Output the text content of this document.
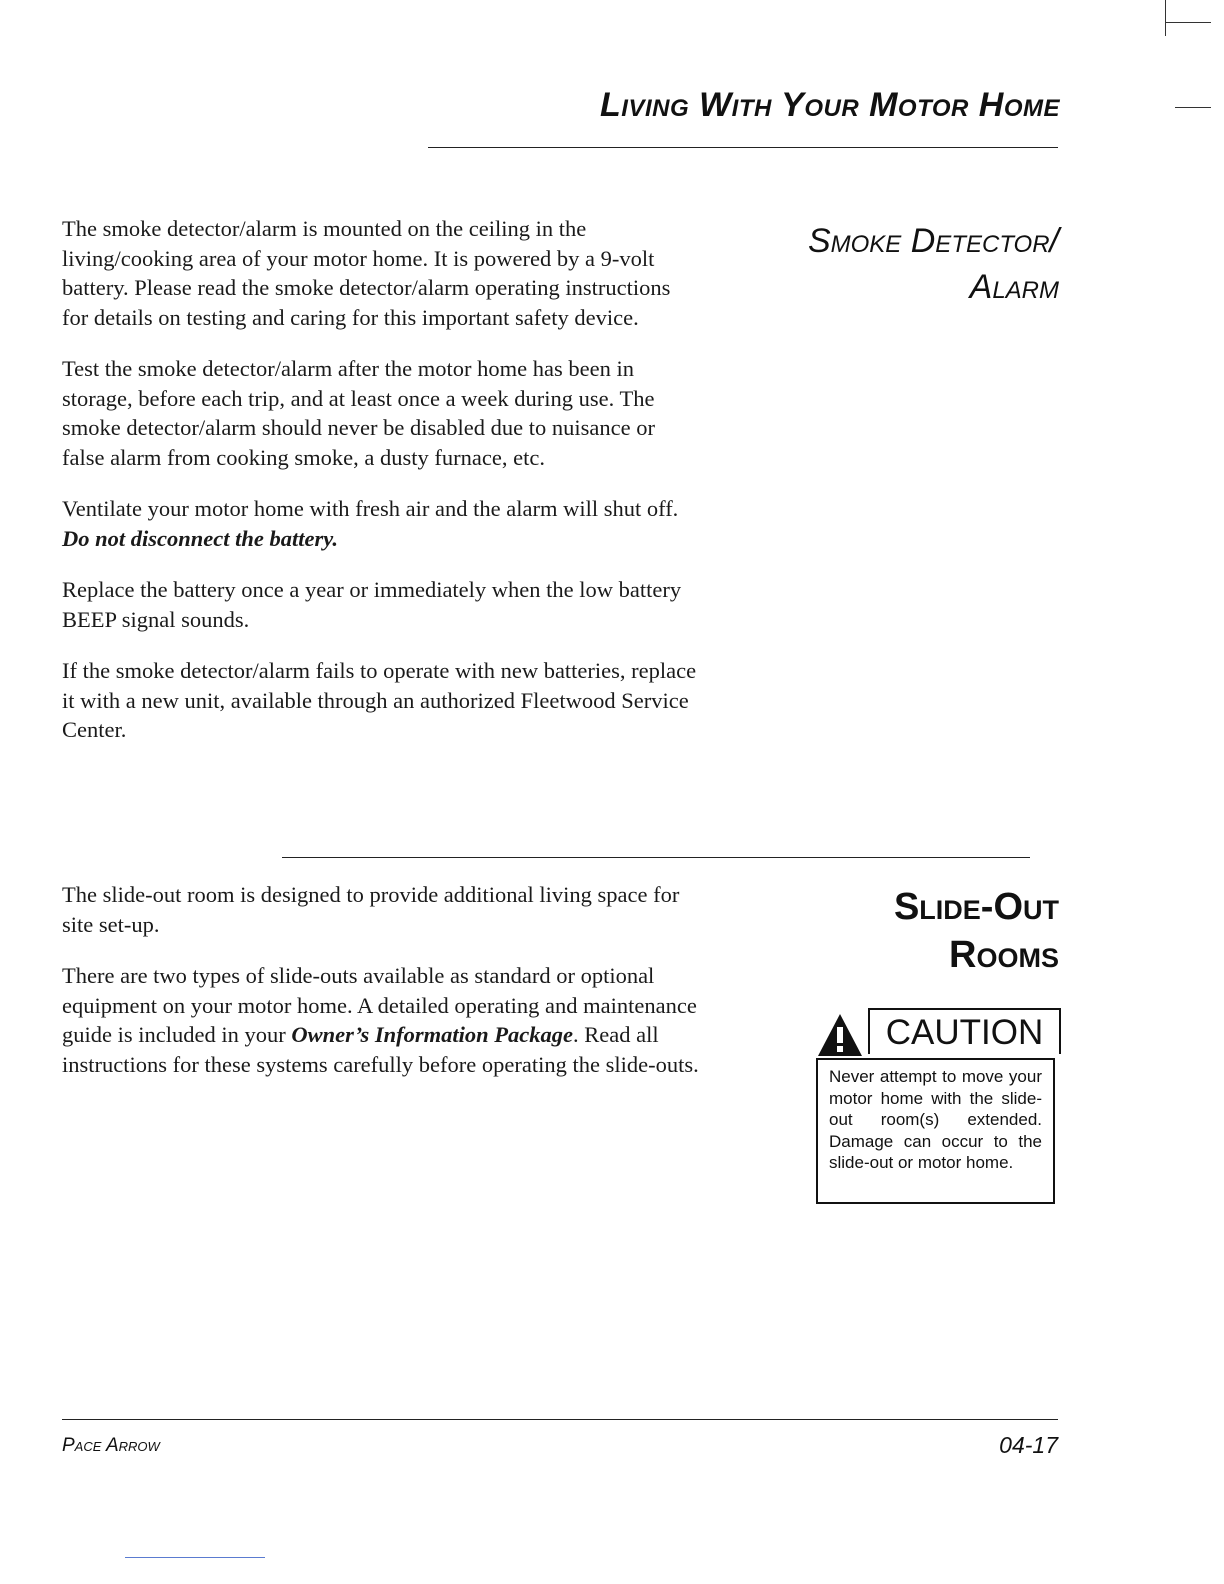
Living With Your Motor Home
Smoke Detector/
Alarm

The smoke detector/alarm is mounted on the ceiling in the living/cooking area of your motor home. It is powered by a 9-volt battery. Please read the smoke detector/alarm operating instructions for details on testing and caring for this important safety device.

Test the smoke detector/alarm after the motor home has been in storage, before each trip, and at least once a week during use. The smoke detector/alarm should never be disabled due to nuisance or false alarm from cooking smoke, a dusty furnace, etc.

Ventilate your motor home with fresh air and the alarm will shut off. Do not disconnect the battery.

Replace the battery once a year or immediately when the low battery BEEP signal sounds.

If the smoke detector/alarm fails to operate with new batteries, replace it with a new unit, available through an authorized Fleetwood Service Center.

Slide-Out
Rooms

The slide-out room is designed to provide additional living space for site set-up.

There are two types of slide-outs available as standard or optional equipment on your motor home. A detailed operating and maintenance guide is included in your Owner’s Information Package. Read all instructions for these systems carefully before operating the slide-outs.

CAUTION
Never attempt to move your motor home with the slide-out room(s) extended. Damage can occur to the slide-out or motor home.
Pace Arrow	04-17
